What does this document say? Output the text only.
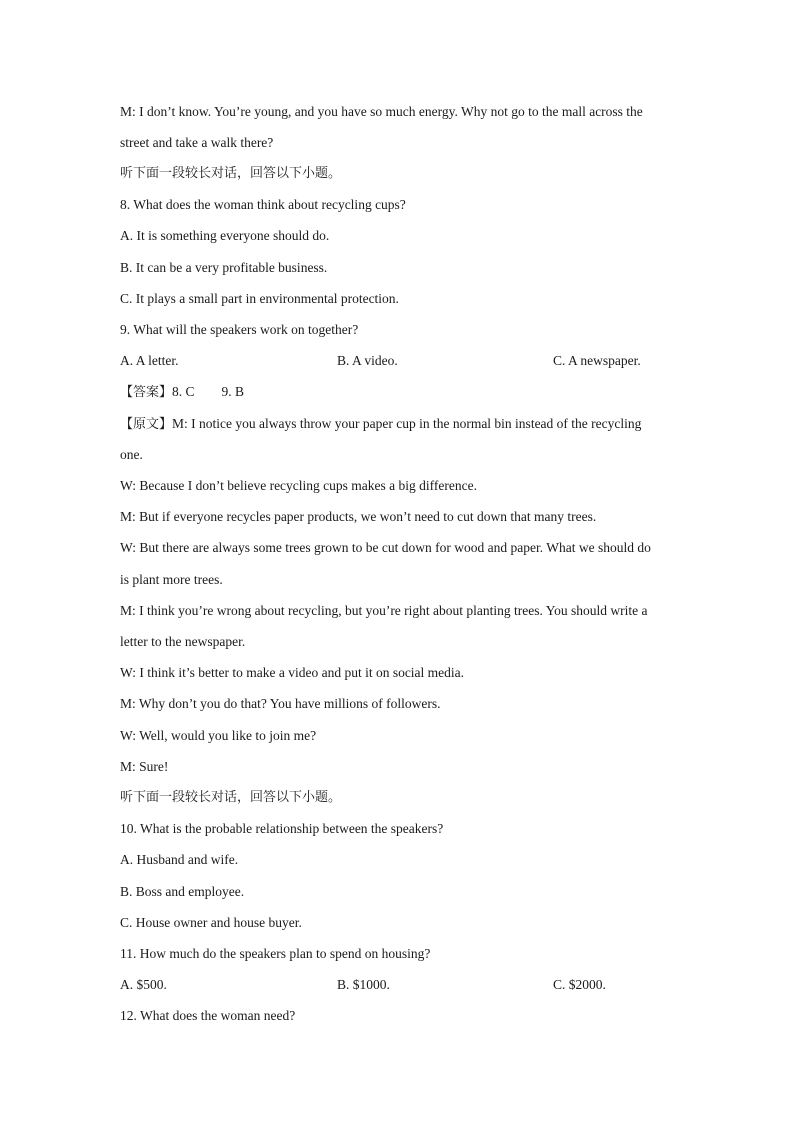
M: I don’t know. You’re young, and you have so much energy. Why not go to the mall across the
street and take a walk there?
听下面一段较长对话，回答以下小题。
8. What does the woman think about recycling cups?
A. It is something everyone should do.
B. It can be a very profitable business.
C. It plays a small part in environmental protection.
9. What will the speakers work on together?
A. A letter.	B. A video.	C. A newspaper.
【答案】8. C        9. B
【原文】M: I notice you always throw your paper cup in the normal bin instead of the recycling
one.
W: Because I don’t believe recycling cups makes a big difference.
M: But if everyone recycles paper products, we won’t need to cut down that many trees.
W: But there are always some trees grown to be cut down for wood and paper. What we should do
is plant more trees.
M: I think you’re wrong about recycling, but you’re right about planting trees. You should write a
letter to the newspaper.
W: I think it’s better to make a video and put it on social media.
M: Why don’t you do that? You have millions of followers.
W: Well, would you like to join me?
M: Sure!
听下面一段较长对话，回答以下小题。
10. What is the probable relationship between the speakers?
A. Husband and wife.
B. Boss and employee.
C. House owner and house buyer.
11. How much do the speakers plan to spend on housing?
A. $500.	B. $1000.	C. $2000.
12. What does the woman need?
